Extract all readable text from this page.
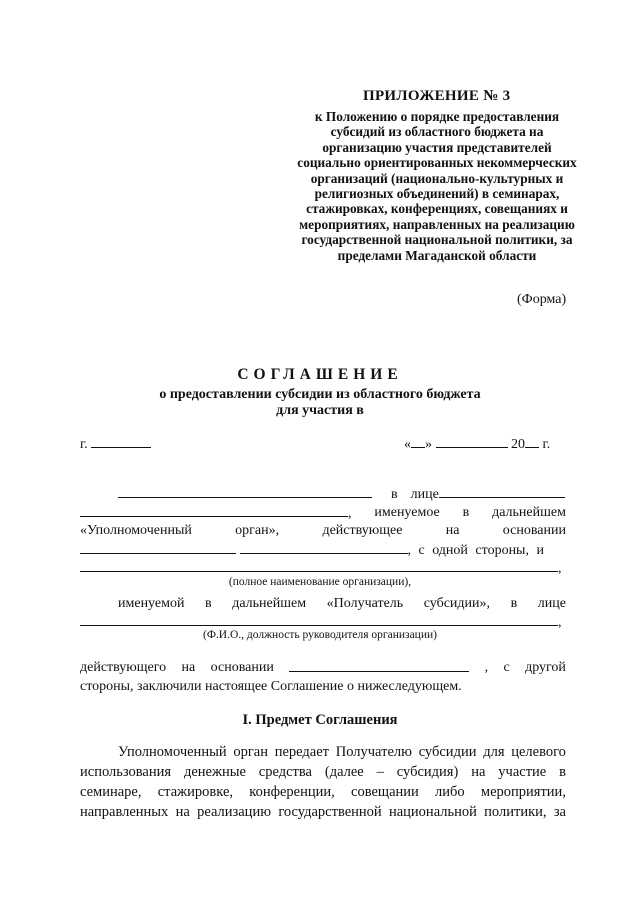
ПРИЛОЖЕНИЕ № 3
к Положению о порядке предоставления
субсидий из областного бюджета на
организацию участия представителей
социально ориентированных некоммерческих
организаций (национально-культурных и
религиозных объединений) в семинарах,
стажировках, конференциях, совещаниях и
мероприятиях, направленных на реализацию
государственной национальной политики, за
пределами Магаданской области
(Форма)
СОГЛАШЕНИЕ
о предоставлении субсидии из областного бюджета
для участия в
г.	« »	20 г.
в лице
, именуемое в дальнейшем
«Уполномоченный	орган»,	действующее	на	основании
, с одной стороны, и
,
(полное наименование организации),
именуемой в дальнейшем «Получатель субсидии», в лице
,
(Ф.И.О., должность руководителя организации)
действующего на основании	, с другой
стороны, заключили настоящее Соглашение о нижеследующем.
I. Предмет Соглашения
Уполномоченный орган передает Получателю субсидии для целевого
использования денежные средства (далее – субсидия) на участие в
семинаре, стажировке, конференции, совещании либо мероприятии,
направленных на реализацию государственной национальной политики, за
